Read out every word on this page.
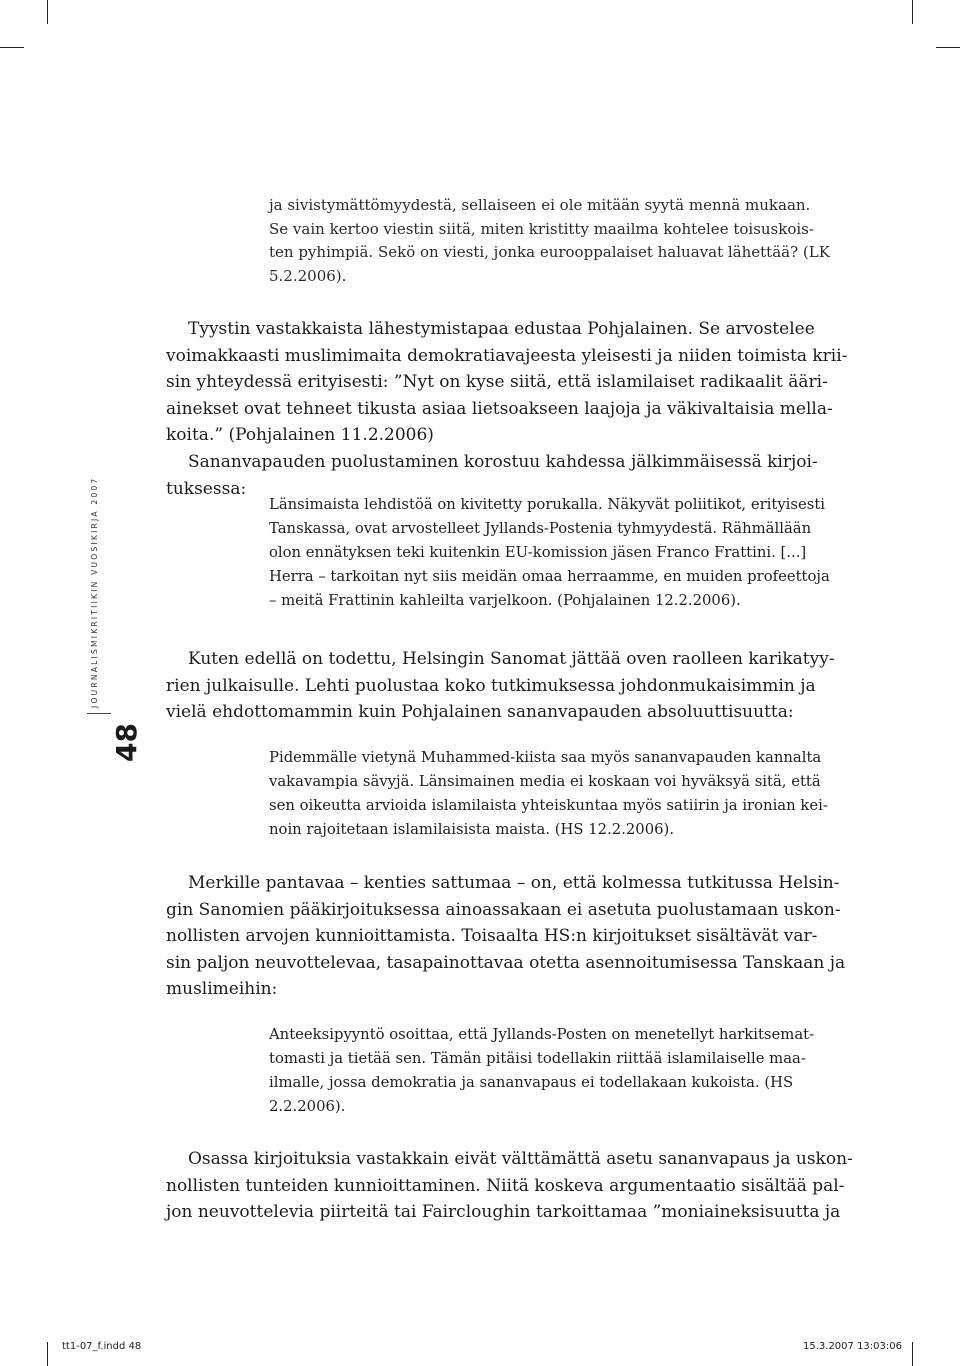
JOURNALISMIKRITIIKIN VUOSIKIRJA 2007
48
ja sivistymättömyydestä, sellaiseen ei ole mitään syytä mennä mukaan.
Se vain kertoo viestin siitä, miten kristitty maailma kohtelee toisuskois-
ten pyhimpiä. Sekö on viesti, jonka eurooppalaiset haluavat lähettää? (LK
5.2.2006).
Tyystin vastakkaista lähestymistapaa edustaa Pohjalainen. Se arvostelee
voimakkaasti muslimimaita demokratiavajeesta yleisesti ja niiden toimista krii-
sin yhteydessä erityisesti: ”Nyt on kyse siitä, että islamilaiset radikaalit ääri-
ainekset ovat tehneet tikusta asiaa lietsoakseen laajoja ja väkivaltaisia mella-
koita.” (Pohjalainen 11.2.2006)
Sananvapauden puolustaminen korostuu kahdessa jälkimmäisessä kirjoi-
tuksessa:
Länsimaista lehdistöä on kivitetty porukalla. Näkyvät poliitikot, erityisesti
Tanskassa, ovat arvostelleet Jyllands-Postenia tyhmyydestä. Rähmällään
olon ennätyksen teki kuitenkin EU-komission jäsen Franco Frattini. [...]
Herra – tarkoitan nyt siis meidän omaa herraamme, en muiden profeettoja
– meitä Frattinin kahleilta varjelkoon. (Pohjalainen 12.2.2006).
Kuten edellä on todettu, Helsingin Sanomat jättää oven raolleen karikatyy-
rien julkaisulle. Lehti puolustaa koko tutkimuksessa johdonmukaisimmin ja
vielä ehdottomammin kuin Pohjalainen sananvapauden absoluuttisuutta:
Pidemmälle vietynä Muhammed-kiista saa myös sananvapauden kannalta
vakavampia sävyjä. Länsimainen media ei koskaan voi hyväksyä sitä, että
sen oikeutta arvioida islamilaista yhteiskuntaa myös satiirin ja ironian kei-
noin rajoitetaan islamilaisista maista. (HS 12.2.2006).
Merkille pantavaa – kenties sattumaa – on, että kolmessa tutkitussa Helsin-
gin Sanomien pääkirjoituksessa ainoassakaan ei asetuta puolustamaan uskon-
nollisten arvojen kunnioittamista. Toisaalta HS:n kirjoitukset sisältävät var-
sin paljon neuvottelevaa, tasapainottavaa otetta asennoitumisessa Tanskaan ja
muslimeihin:
Anteeksipyyntö osoittaa, että Jyllands-Posten on menetellyt harkitsemat-
tomasti ja tietää sen. Tämän pitäisi todellakin riittää islamilaiselle maa-
ilmalle, jossa demokratia ja sananvapaus ei todellakaan kukoista. (HS
2.2.2006).
Osassa kirjoituksia vastakkain eivät välttämättä asetu sananvapaus ja uskon-
nollisten tunteiden kunnioittaminen. Niitä koskeva argumentaatio sisältää pal-
jon neuvottelevia piirteitä tai Faircloughin tarkoittamaa ”moniaineksisuutta ja
tt1-07_f.indd 48	15.3.2007 13:03:06
